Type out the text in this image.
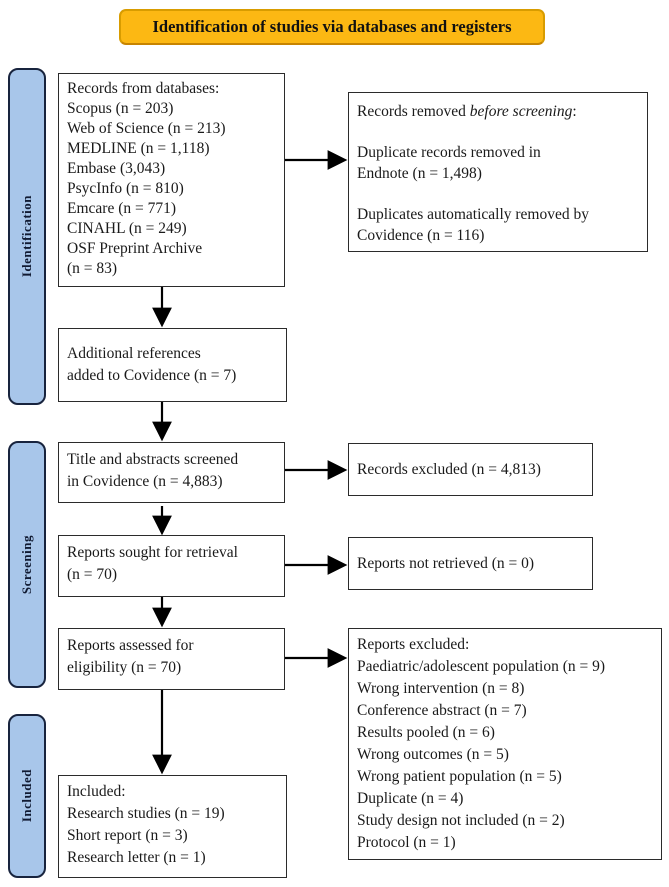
Identification of studies via databases and registers
Identification
Screening
Included
Records from databases:
Scopus (n = 203)
Web of Science (n = 213)
MEDLINE (n = 1,118)
Embase (3,043)
PsycInfo (n = 810)
Emcare (n = 771)
CINAHL (n = 249)
OSF Preprint Archive
(n = 83)

Records removed before screening:

Duplicate records removed in
Endnote (n = 1,498)

Duplicates automatically removed by
Covidence (n = 116)

Additional references
added to Covidence (n = 7)
Title and abstracts screened
in Covidence (n = 4,883)
Records excluded (n = 4,813)
Reports sought for retrieval
(n = 70)
Reports not retrieved (n = 0)
Reports assessed for
eligibility (n = 70)
Reports excluded:
Paediatric/adolescent population (n = 9)
Wrong intervention (n = 8)
Conference abstract (n = 7)
Results pooled (n = 6)
Wrong outcomes (n = 5)
Wrong patient population (n = 5)
Duplicate (n = 4)
Study design not included (n = 2)
Protocol (n = 1)
Included:
Research studies (n = 19)
Short report (n = 3)
Research letter (n = 1)
